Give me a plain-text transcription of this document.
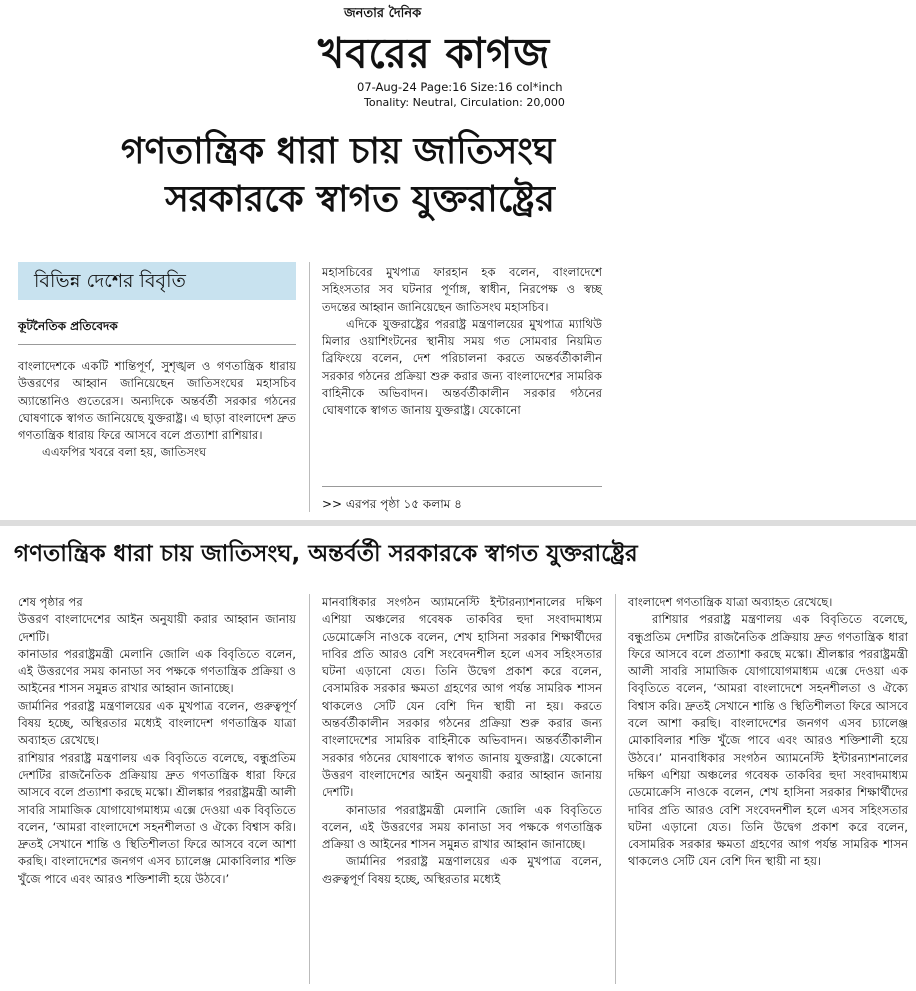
জনতার দৈনিক
খবরের কাগজ
07-Aug-24 Page:16 Size:16 col*inch
Tonality: Neutral, Circulation: 20,000
গণতান্ত্রিক ধারা চায় জাতিসংঘ
সরকারকে স্বাগত যুক্তরাষ্ট্রের
বিভিন্ন দেশের বিবৃতি
কূটনৈতিক প্রতিবেদক

বাংলাদেশকে একটি শান্তিপূর্ণ, সুশৃঙ্খল ও গণতান্ত্রিক ধারায় উত্তরণের আহ্বান জানিয়েছেন জাতিসংঘের মহাসচিব অ্যান্তোনিও গুতেরেস। অন্যদিকে অন্তর্বর্তী সরকার গঠনের ঘোষণাকে স্বাগত জানিয়েছে যুক্তরাষ্ট্র। এ ছাড়া বাংলাদেশ দ্রুত গণতান্ত্রিক ধারায় ফিরে আসবে বলে প্রত্যাশা রাশিয়ার।

এএফপির খবরে বলা হয়, জাতিসংঘ

মহাসচিবের মুখপাত্র ফারহান হক বলেন, বাংলাদেশে সহিংসতার সব ঘটনার পূর্ণাঙ্গ, স্বাধীন, নিরপেক্ষ ও স্বচ্ছ তদন্তের আহ্বান জানিয়েছেন জাতিসংঘ মহাসচিব।

এদিকে যুক্তরাষ্ট্রের পররাষ্ট্র মন্ত্রণালয়ের মুখপাত্র ম্যাথিউ মিলার ওয়াশিংটনের স্থানীয় সময় গত সোমবার নিয়মিত ব্রিফিংয়ে বলেন, দেশ পরিচালনা করতে অন্তর্বর্তীকালীন সরকার গঠনের প্রক্রিয়া শুরু করার জন্য বাংলাদেশের সামরিক বাহিনীকে অভিবাদন। অন্তর্বর্তীকালীন সরকার গঠনের ঘোষণাকে স্বাগত জানায় যুক্তরাষ্ট্র। যেকোনো

>> এরপর পৃষ্ঠা ১৫ কলাম ৪
গণতান্ত্রিক ধারা চায় জাতিসংঘ, অন্তর্বর্তী সরকারকে স্বাগত যুক্তরাষ্ট্রের

শেষ পৃষ্ঠার পর

উত্তরণ বাংলাদেশের আইন অনুযায়ী করার আহ্বান জানায় দেশটি।

কানাডার পররাষ্ট্রমন্ত্রী মেলানি জোলি এক বিবৃতিতে বলেন, এই উত্তরণের সময় কানাডা সব পক্ষকে গণতান্ত্রিক প্রক্রিয়া ও আইনের শাসন সমুন্নত রাখার আহ্বান জানাচ্ছে।

জার্মানির পররাষ্ট্র মন্ত্রণালয়ের এক মুখপাত্র বলেন, গুরুত্বপূর্ণ বিষয় হচ্ছে, অস্থিরতার মধ্যেই বাংলাদেশ গণতান্ত্রিক যাত্রা অব্যাহত রেখেছে।

রাশিয়ার পররাষ্ট্র মন্ত্রণালয় এক বিবৃতিতে বলেছে, বন্ধুপ্রতিম দেশটির রাজনৈতিক প্রক্রিয়ায় দ্রুত গণতান্ত্রিক ধারা ফিরে আসবে বলে প্রত্যাশা করছে মস্কো। শ্রীলঙ্কার পররাষ্ট্রমন্ত্রী আলী সাবরি সামাজিক যোগাযোগমাধ্যম এক্সে দেওয়া এক বিবৃতিতে বলেন, ‘আমরা বাংলাদেশে সহনশীলতা ও ঐক্যে বিশ্বাস করি। দ্রুতই সেখানে শান্তি ও স্থিতিশীলতা ফিরে আসবে বলে আশা করছি। বাংলাদেশের জনগণ এসব চ্যালেঞ্জ মোকাবিলার শক্তি খুঁজে পাবে এবং আরও শক্তিশালী হয়ে উঠবে।’

মানবাধিকার সংগঠন অ্যামনেস্টি ইন্টারন্যাশনালের দক্ষিণ এশিয়া অঞ্চলের গবেষক তাকবির হুদা সংবাদমাধ্যম ডেমোক্রেসি নাওকে বলেন, শেখ হাসিনা সরকার শিক্ষার্থীদের দাবির প্রতি আরও বেশি সংবেদনশীল হলে এসব সহিংসতার ঘটনা এড়ানো যেত। তিনি উদ্বেগ প্রকাশ করে বলেন, বেসামরিক সরকার ক্ষমতা গ্রহণের আগ পর্যন্ত সামরিক শাসন থাকলেও সেটি যেন বেশি দিন স্থায়ী না হয়। করতে অন্তর্বর্তীকালীন সরকার গঠনের প্রক্রিয়া শুরু করার জন্য বাংলাদেশের সামরিক বাহিনীকে অভিবাদন। অন্তর্বর্তীকালীন সরকার গঠনের ঘোষণাকে স্বাগত জানায় যুক্তরাষ্ট্র। যেকোনো উত্তরণ বাংলাদেশের আইন অনুযায়ী করার আহ্বান জানায় দেশটি।

কানাডার পররাষ্ট্রমন্ত্রী মেলানি জোলি এক বিবৃতিতে বলেন, এই উত্তরণের সময় কানাডা সব পক্ষকে গণতান্ত্রিক প্রক্রিয়া ও আইনের শাসন সমুন্নত রাখার আহ্বান জানাচ্ছে।

জার্মানির পররাষ্ট্র মন্ত্রণালয়ের এক মুখপাত্র বলেন, গুরুত্বপূর্ণ বিষয় হচ্ছে, অস্থিরতার মধ্যেই

বাংলাদেশ গণতান্ত্রিক যাত্রা অব্যাহত রেখেছে।

রাশিয়ার পররাষ্ট্র মন্ত্রণালয় এক বিবৃতিতে বলেছে, বন্ধুপ্রতিম দেশটির রাজনৈতিক প্রক্রিয়ায় দ্রুত গণতান্ত্রিক ধারা ফিরে আসবে বলে প্রত্যাশা করছে মস্কো। শ্রীলঙ্কার পররাষ্ট্রমন্ত্রী আলী সাবরি সামাজিক যোগাযোগমাধ্যম এক্সে দেওয়া এক বিবৃতিতে বলেন, ‘আমরা বাংলাদেশে সহনশীলতা ও ঐক্যে বিশ্বাস করি। দ্রুতই সেখানে শান্তি ও স্থিতিশীলতা ফিরে আসবে বলে আশা করছি। বাংলাদেশের জনগণ এসব চ্যালেঞ্জ মোকাবিলার শক্তি খুঁজে পাবে এবং আরও শক্তিশালী হয়ে উঠবে।’ মানবাধিকার সংগঠন অ্যামনেস্টি ইন্টারন্যাশনালের দক্ষিণ এশিয়া অঞ্চলের গবেষক তাকবির হুদা সংবাদমাধ্যম ডেমোক্রেসি নাওকে বলেন, শেখ হাসিনা সরকার শিক্ষার্থীদের দাবির প্রতি আরও বেশি সংবেদনশীল হলে এসব সহিংসতার ঘটনা এড়ানো যেত। তিনি উদ্বেগ প্রকাশ করে বলেন, বেসামরিক সরকার ক্ষমতা গ্রহণের আগ পর্যন্ত সামরিক শাসন থাকলেও সেটি যেন বেশি দিন স্থায়ী না হয়।
